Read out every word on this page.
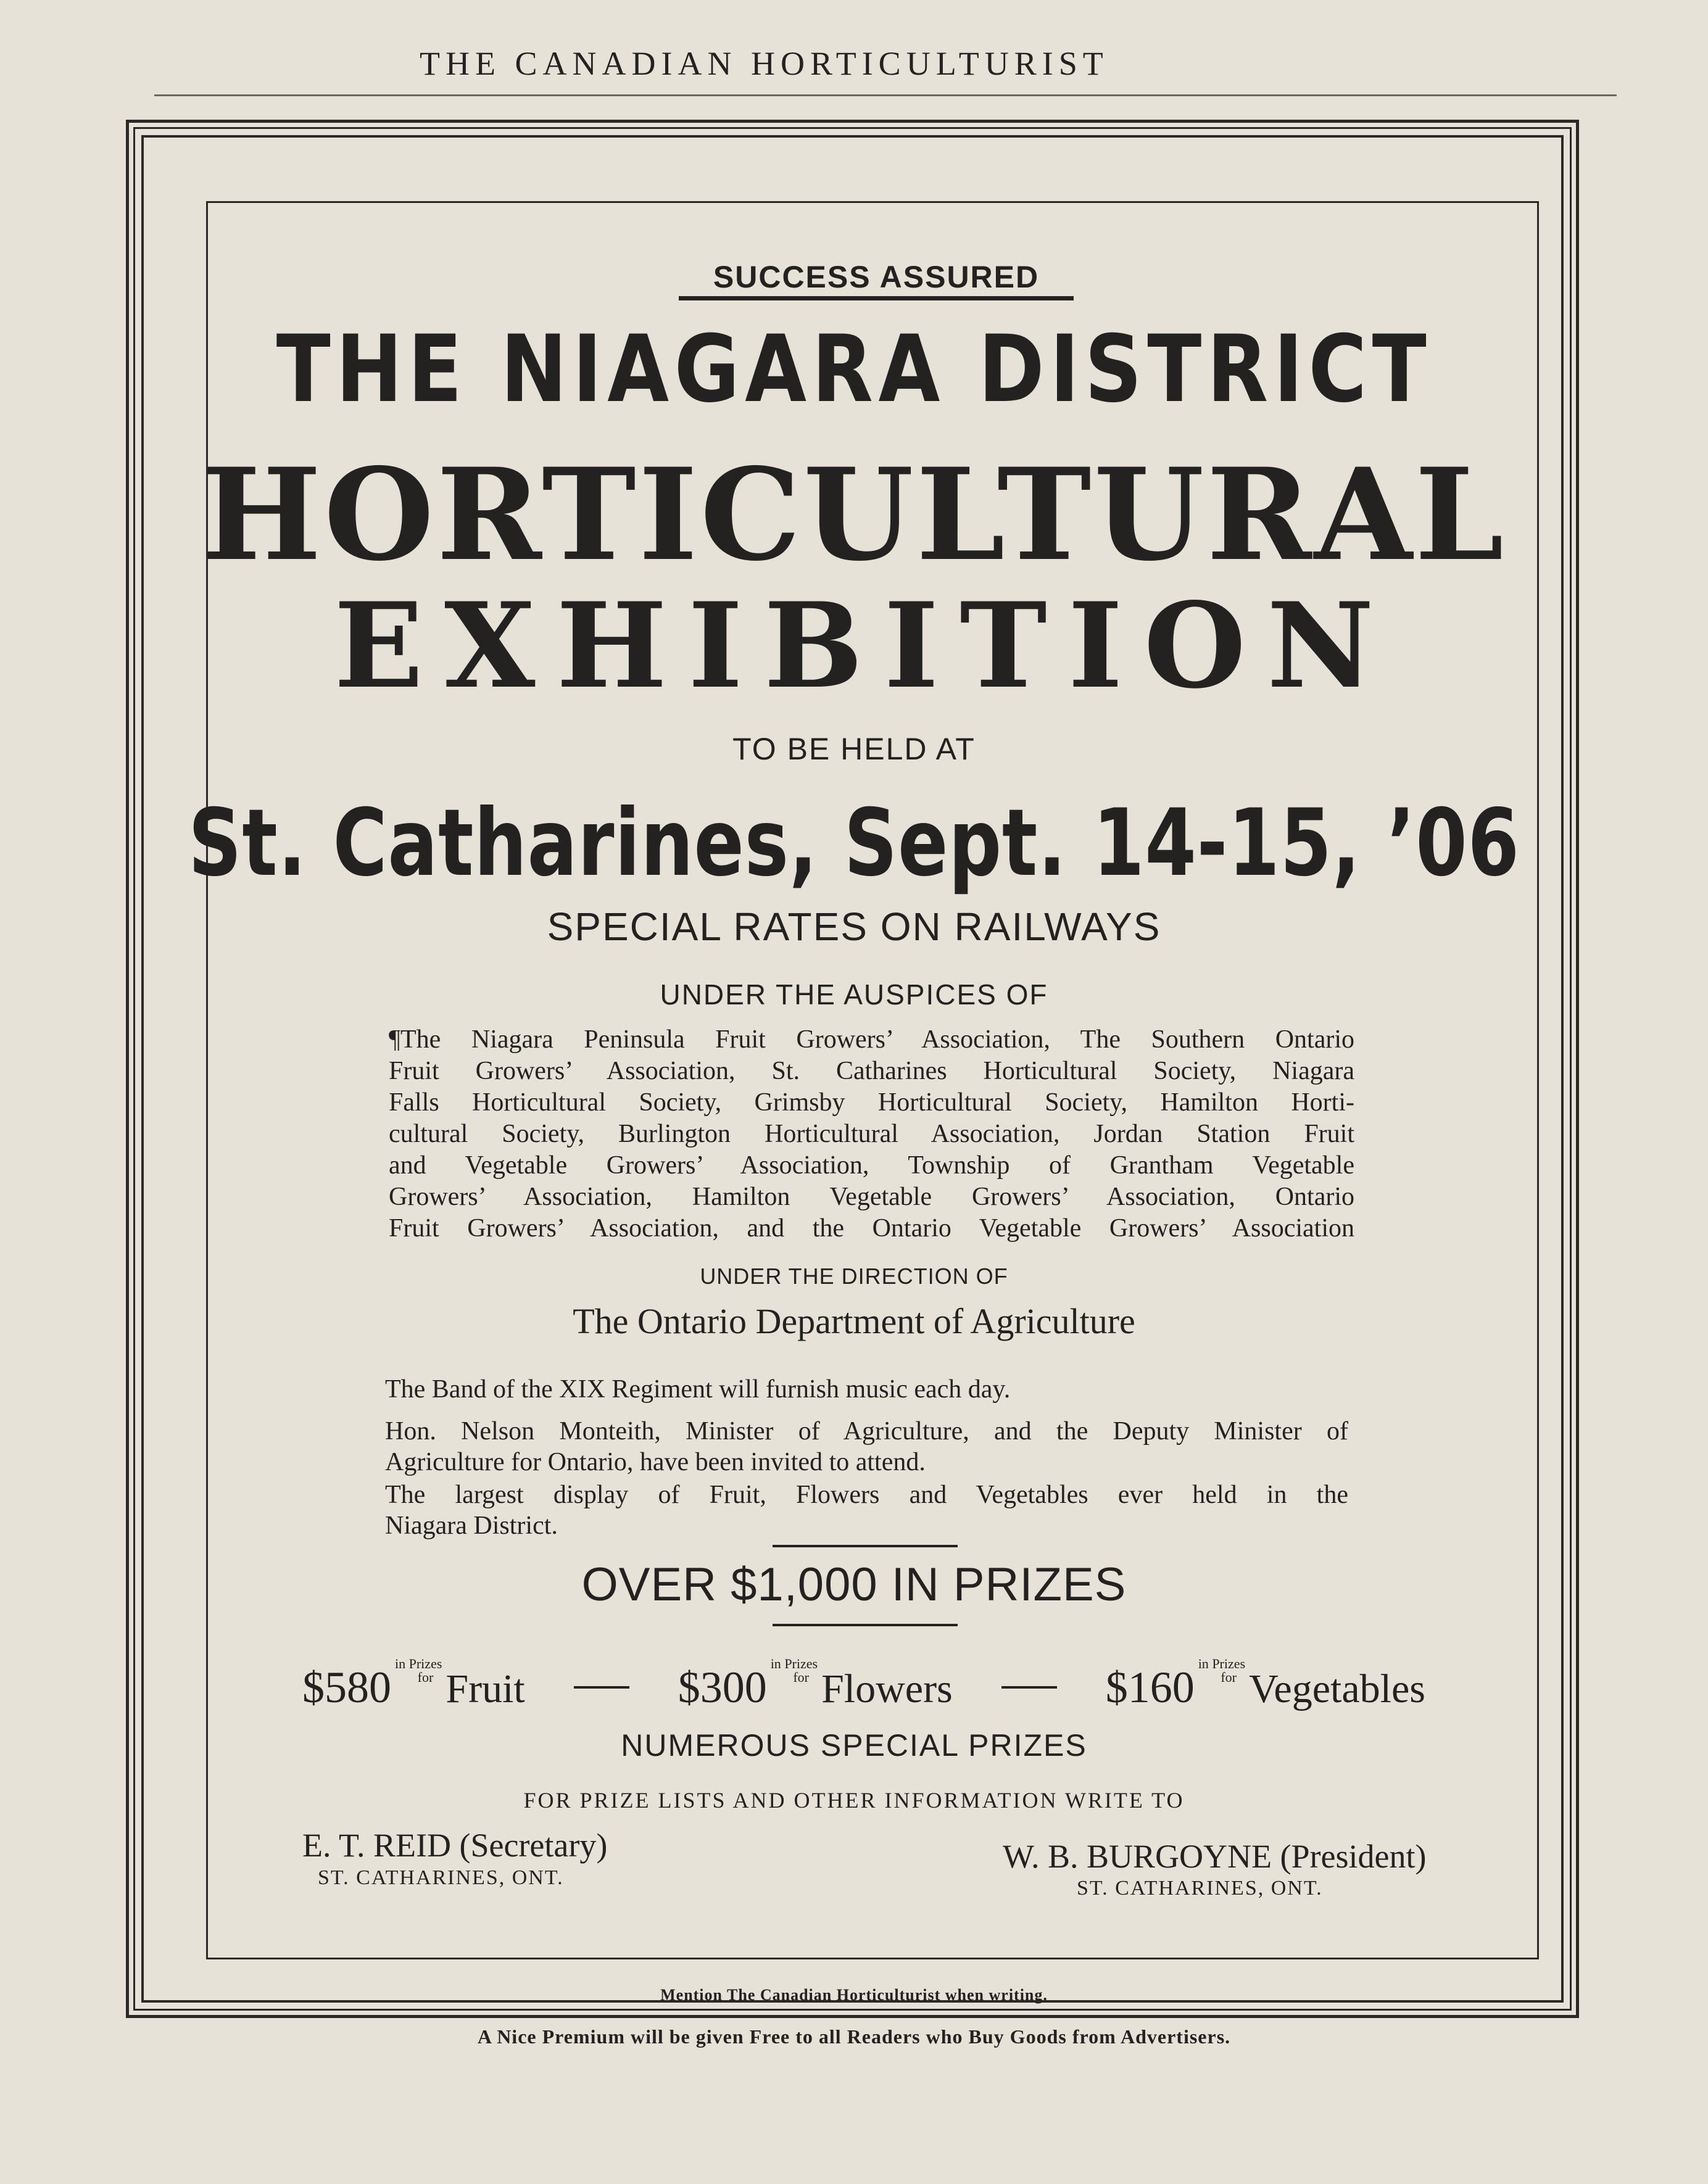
THE CANADIAN HORTICULTURIST
SUCCESS ASSURED
THE NIAGARA DISTRICT
HORTICULTURAL
EXHIBITION
TO BE HELD AT
St. Catharines, Sept. 14-15, ’06
SPECIAL RATES ON RAILWAYS
UNDER THE AUSPICES OF
¶The Niagara Peninsula Fruit Growers’ Association, The Southern Ontario
Fruit Growers’ Association, St. Catharines Horticultural Society, Niagara
Falls Horticultural Society, Grimsby Horticultural Society, Hamilton Horti-
cultural Society, Burlington Horticultural Association, Jordan Station Fruit
and Vegetable Growers’ Association, Township of Grantham Vegetable
Growers’ Association, Hamilton Vegetable Growers’ Association, Ontario
Fruit Growers’ Association, and the Ontario Vegetable Growers’ Association
UNDER THE DIRECTION OF
The Ontario Department of Agriculture
The Band of the XIX Regiment will furnish music each day.
Hon. Nelson Monteith, Minister of Agriculture, and the Deputy Minister of
Agriculture for Ontario, have been invited to attend.
The largest display of Fruit, Flowers and Vegetables ever held in the
Niagara District.
OVER $1,000 IN PRIZES
$580 in Prizes
for Fruit	$300 in Prizes
for Flowers	$160 in Prizes
for Vegetables
NUMEROUS SPECIAL PRIZES
FOR PRIZE LISTS AND OTHER INFORMATION WRITE TO
E. T. REID (Secretary)
ST. CATHARINES, ONT.
W. B. BURGOYNE (President)
ST. CATHARINES, ONT.
Mention The Canadian Horticulturist when writing.
A Nice Premium will be given Free to all Readers who Buy Goods from Advertisers.
